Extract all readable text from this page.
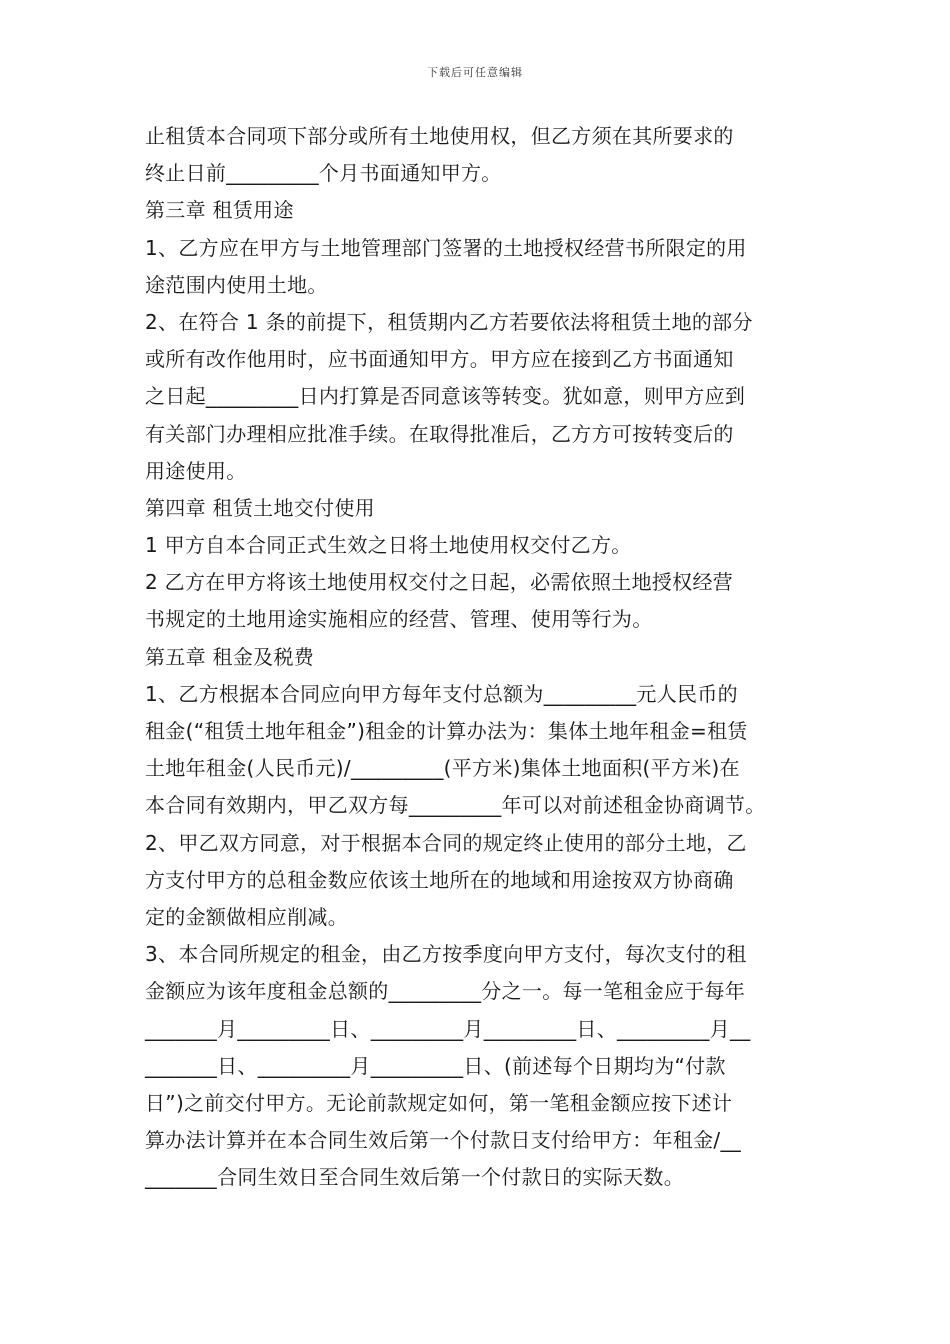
下载后可任意编辑
止租赁本合同项下部分或所有土地使用权，但乙方须在其所要求的
终止日前_________个月书面通知甲方。
第三章 租赁用途
1、乙方应在甲方与土地管理部门签署的土地授权经营书所限定的用
途范围内使用土地。
2、在符合 1 条的前提下，租赁期内乙方若要依法将租赁土地的部分
或所有改作他用时，应书面通知甲方。甲方应在接到乙方书面通知
之日起_________日内打算是否同意该等转变。犹如意，则甲方应到
有关部门办理相应批准手续。在取得批准后，乙方方可按转变后的
用途使用。
第四章 租赁土地交付使用
1 甲方自本合同正式生效之日将土地使用权交付乙方。
2 乙方在甲方将该土地使用权交付之日起，必需依照土地授权经营
书规定的土地用途实施相应的经营、管理、使用等行为。
第五章 租金及税费
1、乙方根据本合同应向甲方每年支付总额为_________元人民币的
租金(“租赁土地年租金”)租金的计算办法为：集体土地年租金=租赁
土地年租金(人民币元)/_________(平方米)集体土地面积(平方米)在
本合同有效期内，甲乙双方每_________年可以对前述租金协商调节。
2、甲乙双方同意，对于根据本合同的规定终止使用的部分土地，乙
方支付甲方的总租金数应依该土地所在的地域和用途按双方协商确
定的金额做相应削减。
3、本合同所规定的租金，由乙方按季度向甲方支付，每次支付的租
金额应为该年度租金总额的_________分之一。每一笔租金应于每年
_______月_________日、_________月_________日、_________月__
_______日、_________月_________日、(前述每个日期均为“付款
日”)之前交付甲方。无论前款规定如何，第一笔租金额应按下述计
算办法计算并在本合同生效后第一个付款日支付给甲方：年租金/__
_______合同生效日至合同生效后第一个付款日的实际天数。
